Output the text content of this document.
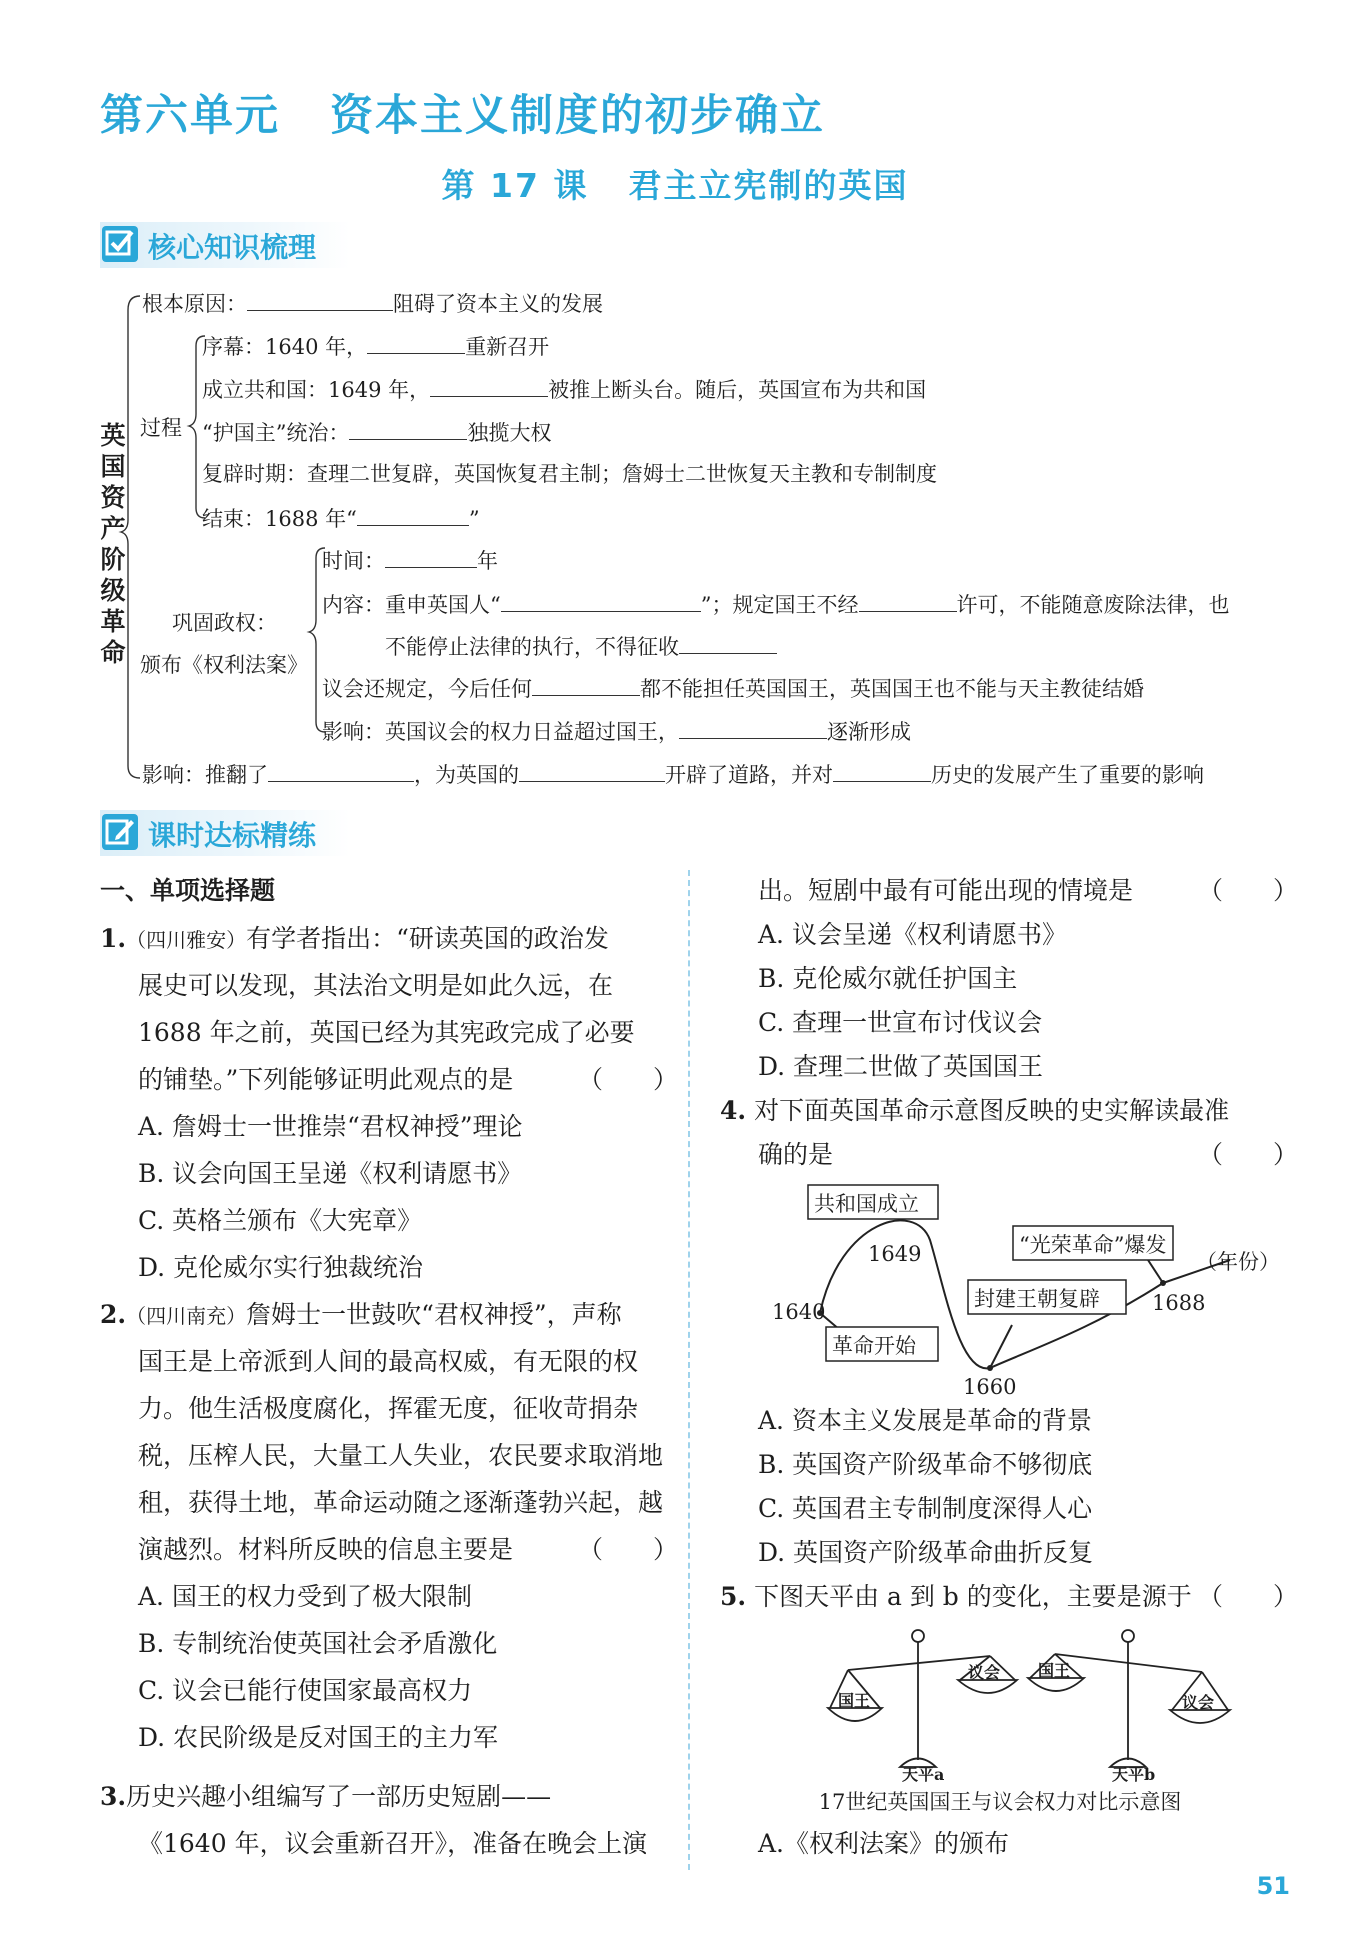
第六单元 资本主义制度的初步确立
第 17 课 君主立宪制的英国
核心知识梳理
英国资产阶级革命
根本原因：	阻碍了资本主义的发展
过程
序幕：1640 年，	重新召开
成立共和国：1649 年，	被推上断头台。随后，英国宣布为共和国
“护国主”统治：	独揽大权
复辟时期：查理二世复辟，英国恢复君主制；詹姆士二世恢复天主教和专制制度
结束：1688 年“	”
巩固政权：
颁布《权利法案》
时间：	年
内容：重申英国人“	”；规定国王不经	许可，不能随意废除法律，也
不能停止法律的执行，不得征收
议会还规定，今后任何	都不能担任英国国王，英国国王也不能与天主教徒结婚
影响：英国议会的权力日益超过国王，	逐渐形成
影响：推翻了	，为英国的	开辟了道路，并对	历史的发展产生了重要的影响
课时达标精练
一、单项选择题
1.（四川雅安）有学者指出：“研读英国的政治发
展史可以发现，其法治文明是如此久远，在
1688 年之前，英国已经为其宪政完成了必要
的铺垫。”下列能够证明此观点的是	（　　）
A. 詹姆士一世推崇“君权神授”理论
B. 议会向国王呈递《权利请愿书》
C. 英格兰颁布《大宪章》
D. 克伦威尔实行独裁统治
2.（四川南充）詹姆士一世鼓吹“君权神授”，声称
国王是上帝派到人间的最高权威，有无限的权
力。他生活极度腐化，挥霍无度，征收苛捐杂
税，压榨人民，大量工人失业，农民要求取消地
租，获得土地，革命运动随之逐渐蓬勃兴起，越
演越烈。材料所反映的信息主要是	（　　）
A. 国王的权力受到了极大限制
B. 专制统治使英国社会矛盾激化
C. 议会已能行使国家最高权力
D. 农民阶级是反对国王的主力军
3.历史兴趣小组编写了一部历史短剧——
《1640 年，议会重新召开》，准备在晚会上演
出。短剧中最有可能出现的情境是	（　　）
A. 议会呈递《权利请愿书》
B. 克伦威尔就任护国主
C. 查理一世宣布讨伐议会
D. 查理二世做了英国国王
4. 对下面英国革命示意图反映的史实解读最准
确的是	（　　）
共和国成立
封建王朝复辟
“光荣革命”爆发
革命开始
1649
1640
1660
1688
（年份）
A. 资本主义发展是革命的背景
B. 英国资产阶级革命不够彻底
C. 英国君主专制制度深得人心
D. 英国资产阶级革命曲折反复
5. 下图天平由 a 到 b 的变化，主要是源于 （　　）
国王
议会
天平a
国王
议会
天平b
17世纪英国国王与议会权力对比示意图
A.《权利法案》的颁布
51
